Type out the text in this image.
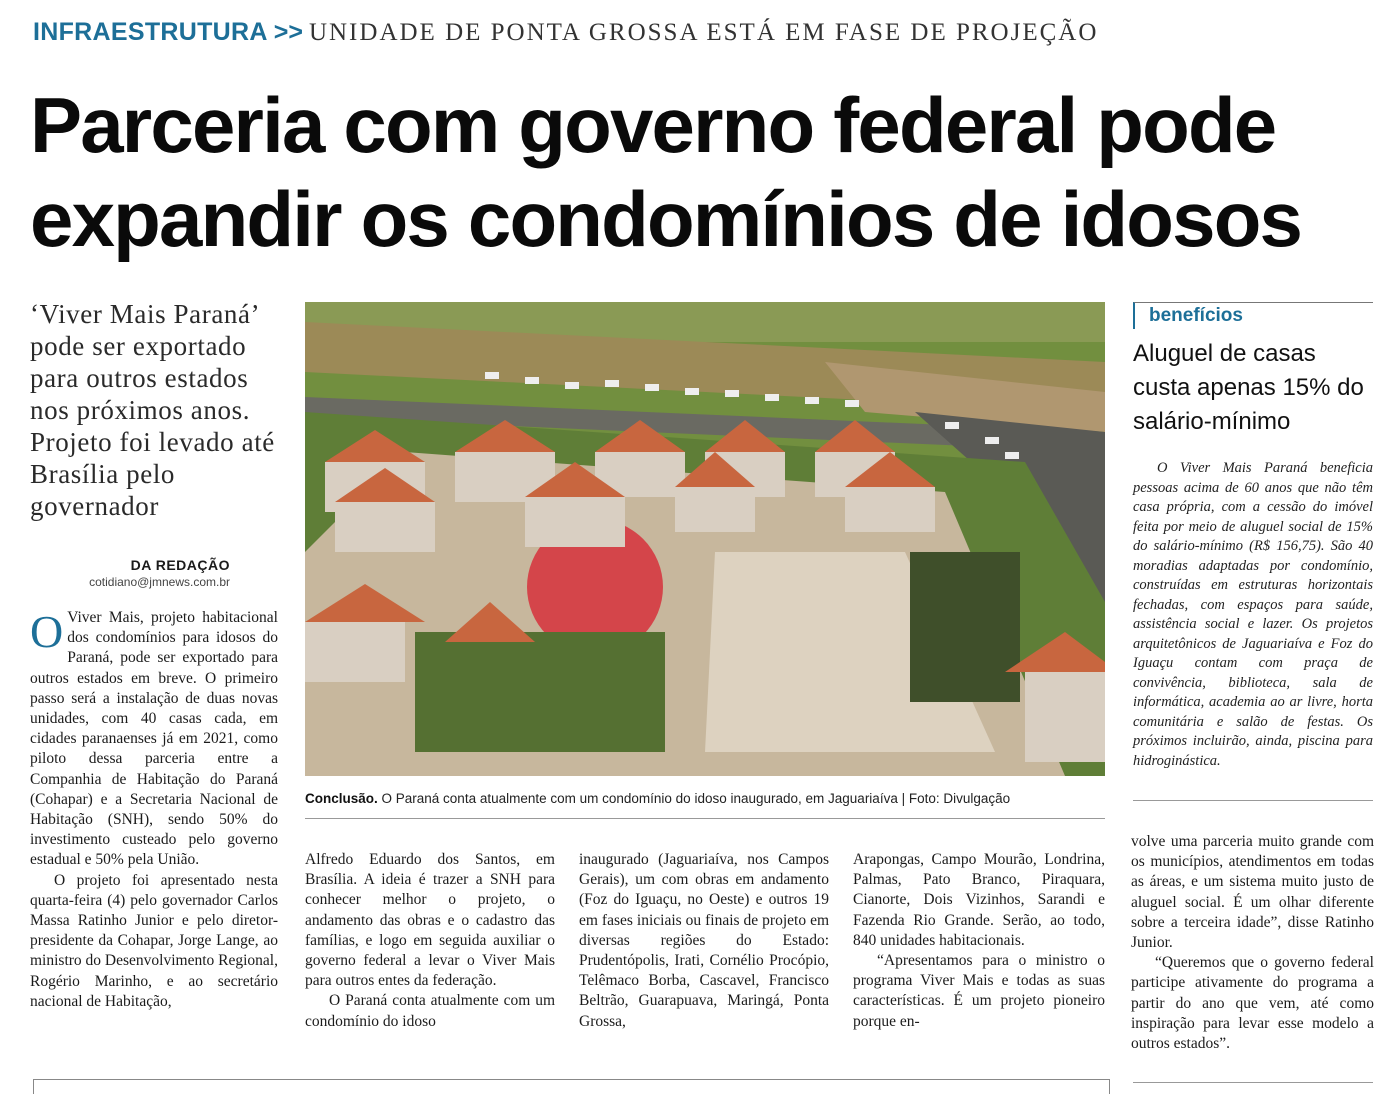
INFRAESTRUTURA >> UNIDADE DE PONTA GROSSA ESTÁ EM FASE DE PROJEÇÃO
Parceria com governo federal pode
expandir os condomínios de idosos
‘Viver Mais Paraná’ pode ser exportado para outros estados nos próximos anos. Projeto foi levado até Brasília pelo governador
DA REDAÇÃO
cotidiano@jmnews.com.br

O Viver Mais, projeto habitacional dos condomínios para idosos do Paraná, pode ser exportado para outros estados em breve. O primeiro passo será a instalação de duas novas unidades, com 40 casas cada, em cidades paranaenses já em 2021, como piloto dessa parceria entre a Companhia de Habitação do Paraná (Cohapar) e a Secretaria Nacional de Habitação (SNH), sendo 50% do investimento custeado pelo governo estadual e 50% pela União.

O projeto foi apresentado nesta quarta-feira (4) pelo governador Carlos Massa Ratinho Junior e pelo diretor-presidente da Cohapar, Jorge Lange, ao ministro do Desenvolvimento Regional, Rogério Marinho, e ao secretário nacional de Habitação,

Conclusão. O Paraná conta atualmente com um condomínio do idoso inaugurado, em Jaguariaíva | Foto: Divulgação

Alfredo Eduardo dos Santos, em Brasília. A ideia é trazer a SNH para conhecer melhor o projeto, o andamento das obras e o cadastro das famílias, e logo em seguida auxiliar o governo federal a levar o Viver Mais para outros entes da federação.

O Paraná conta atualmente com um condomínio do idoso

inaugurado (Jaguariaíva, nos Campos Gerais), um com obras em andamento (Foz do Iguaçu, no Oeste) e outros 19 em fases iniciais ou finais de projeto em diversas regiões do Estado: Prudentópolis, Irati, Cornélio Procópio, Telêmaco Borba, Cascavel, Francisco Beltrão, Guarapuava, Maringá, Ponta Grossa,

Arapongas, Campo Mourão, Londrina, Palmas, Pato Branco, Piraquara, Cianorte, Dois Vizinhos, Sarandi e Fazenda Rio Grande. Serão, ao todo, 840 unidades habitacionais.

“Apresentamos para o ministro o programa Viver Mais e todas as suas características. É um projeto pioneiro porque en-

benefícios
Aluguel de casas custa apenas 15% do salário-mínimo
O Viver Mais Paraná beneficia pessoas acima de 60 anos que não têm casa própria, com a cessão do imóvel feita por meio de aluguel social de 15% do salário-mínimo (R$ 156,75). São 40 moradias adaptadas por condomínio, construídas em estruturas horizontais fechadas, com espaços para saúde, assistência social e lazer. Os projetos arquitetônicos de Jaguariaíva e Foz do Iguaçu contam com praça de convivência, biblioteca, sala de informática, academia ao ar livre, horta comunitária e salão de festas. Os próximos incluirão, ainda, piscina para hidroginástica.

volve uma parceria muito grande com os municípios, atendimentos em todas as áreas, e um sistema muito justo de aluguel social. É um olhar diferente sobre a terceira idade”, disse Ratinho Junior.

“Queremos que o governo federal participe ativamente do programa a partir do ano que vem, até como inspiração para levar esse modelo a outros estados”.
